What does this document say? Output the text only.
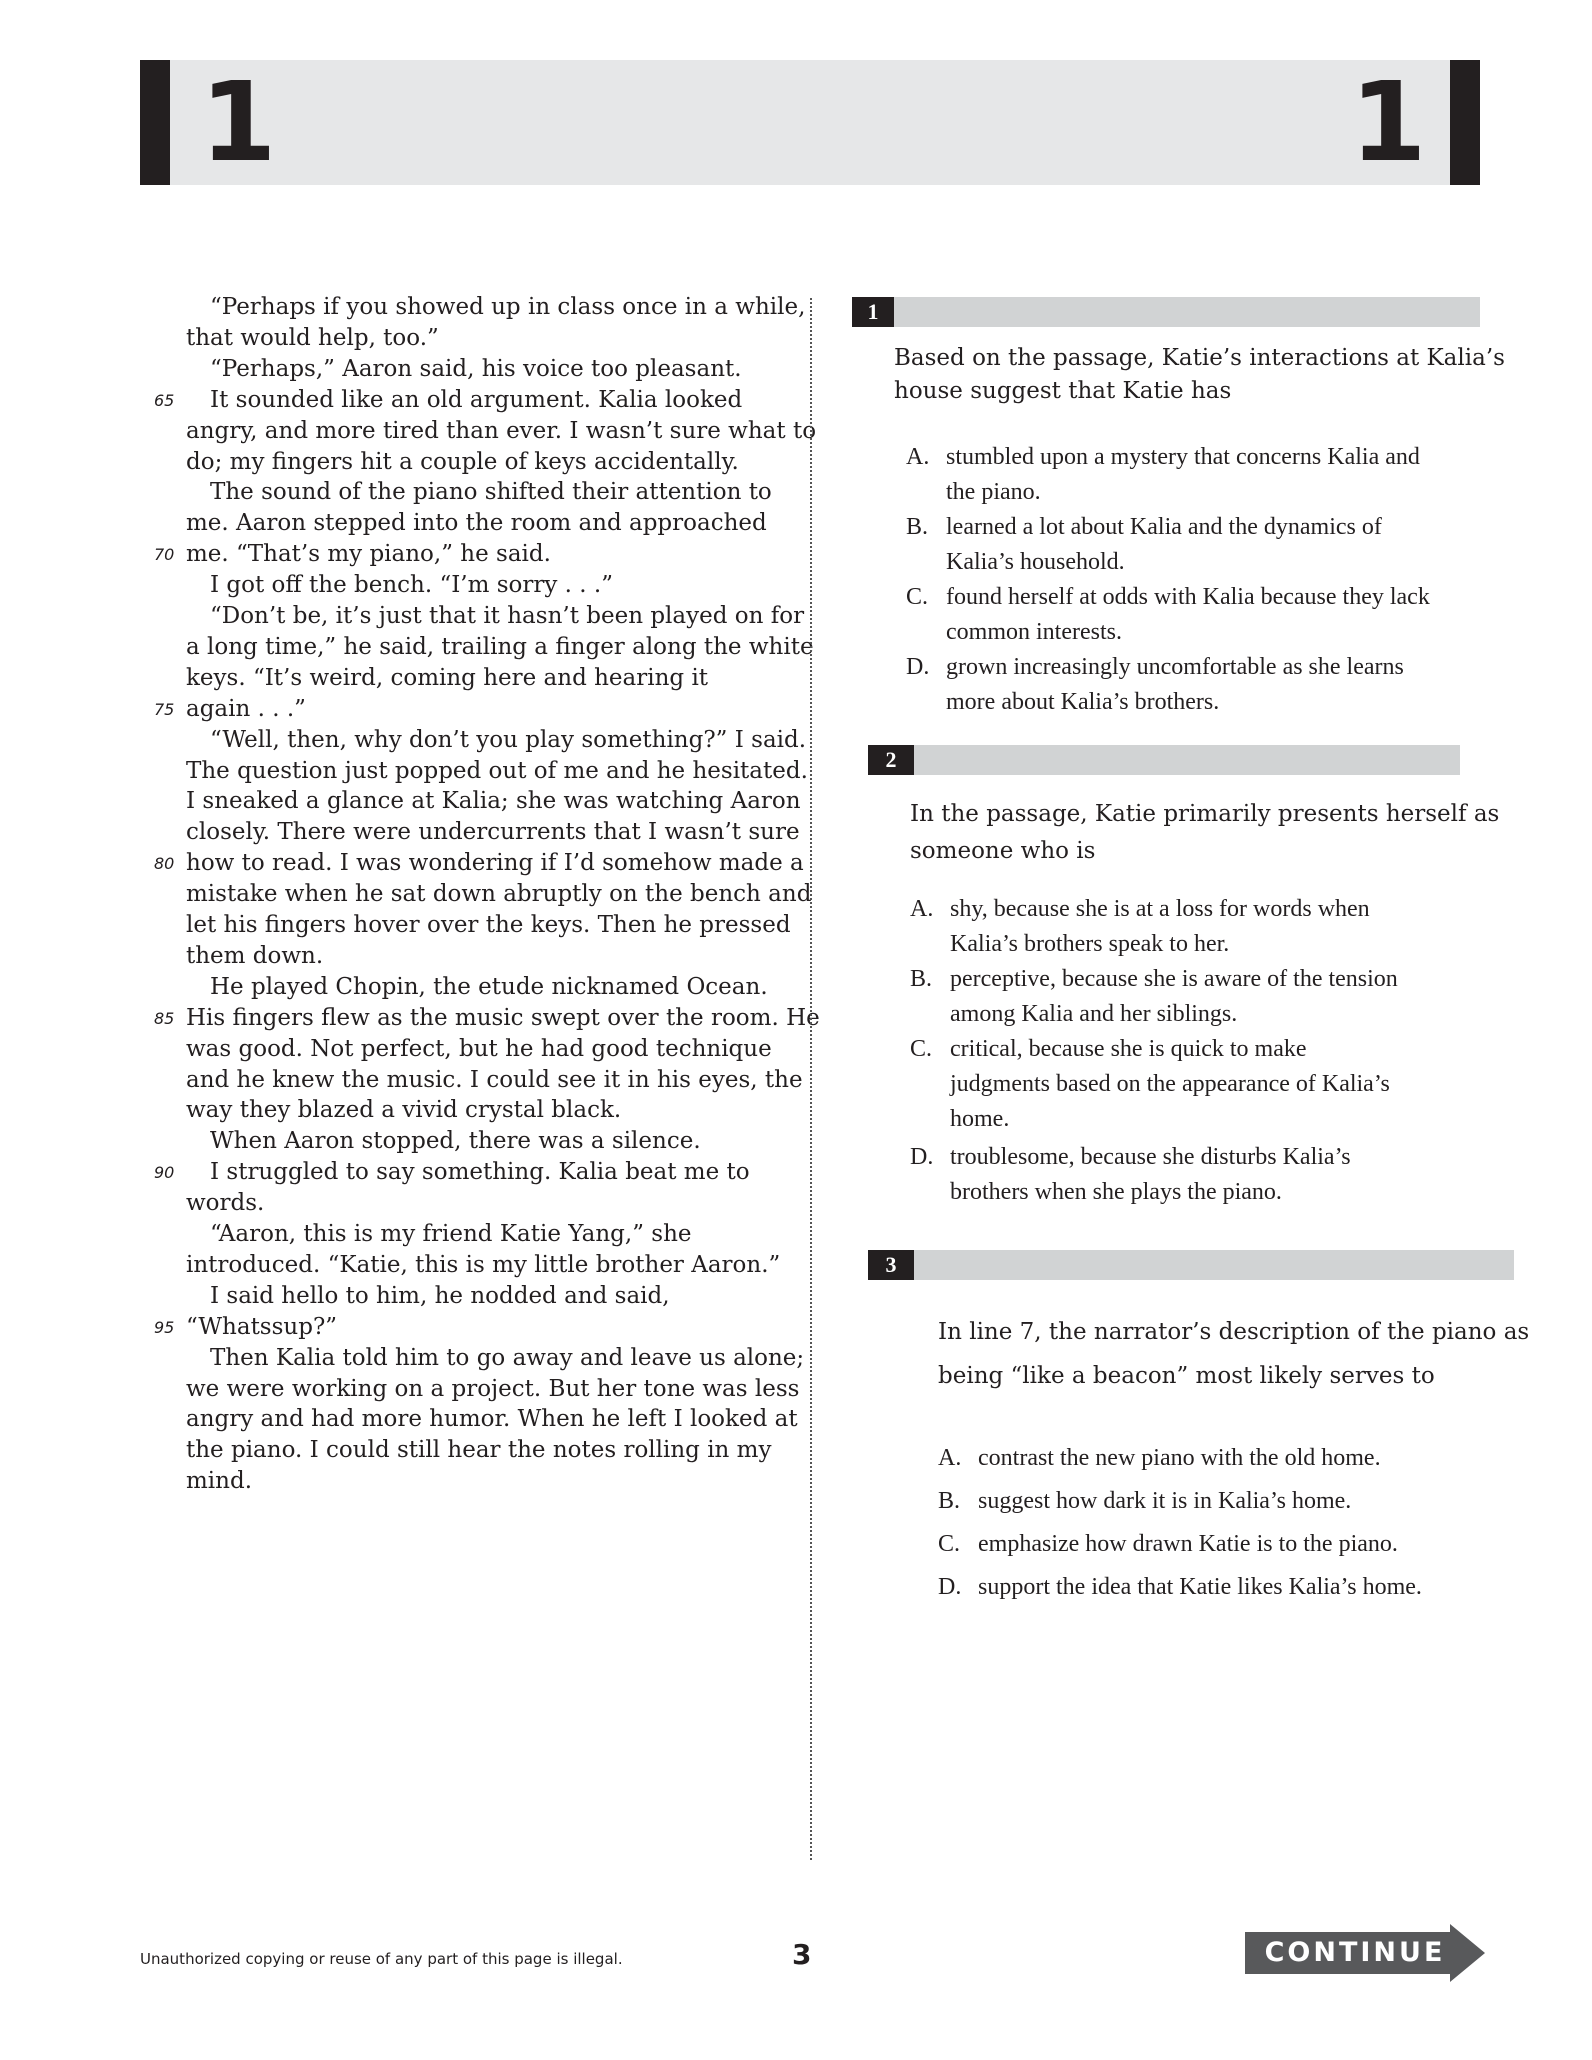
1	1
“Perhaps if you showed up in class once in a while,
that would help, too.”
“Perhaps,” Aaron said, his voice too pleasant.
It sounded like an old argument. Kalia looked
65
angry, and more tired than ever. I wasn’t sure what to
do; my fingers hit a couple of keys accidentally.
The sound of the piano shifted their attention to
me. Aaron stepped into the room and approached
me. “That’s my piano,” he said.
70
I got off the bench. “I’m sorry . . .”
“Don’t be, it’s just that it hasn’t been played on for
a long time,” he said, trailing a finger along the white
keys. “It’s weird, coming here and hearing it
again . . .”
75
“Well, then, why don’t you play something?” I said.
The question just popped out of me and he hesitated.
I sneaked a glance at Kalia; she was watching Aaron
closely. There were undercurrents that I wasn’t sure
how to read. I was wondering if I’d somehow made a
80
mistake when he sat down abruptly on the bench and
let his fingers hover over the keys. Then he pressed
them down.
He played Chopin, the etude nicknamed Ocean.
His fingers flew as the music swept over the room. He
85
was good. Not perfect, but he had good technique
and he knew the music. I could see it in his eyes, the
way they blazed a vivid crystal black.
When Aaron stopped, there was a silence.
I struggled to say something. Kalia beat me to
90
words.
“Aaron, this is my friend Katie Yang,” she
introduced. “Katie, this is my little brother Aaron.”
I said hello to him, he nodded and said,
“Whatssup?”
95
Then Kalia told him to go away and leave us alone;
we were working on a project. But her tone was less
angry and had more humor. When he left I looked at
the piano. I could still hear the notes rolling in my
mind.
1
Based on the passage, Katie’s interactions at Kalia’s
house suggest that Katie has
A. stumbled upon a mystery that concerns Kalia and
the piano.
B. learned a lot about Kalia and the dynamics of
Kalia’s household.
C. found herself at odds with Kalia because they lack
common interests.
D. grown increasingly uncomfortable as she learns
more about Kalia’s brothers.
2
In the passage, Katie primarily presents herself as
someone who is
A. shy, because she is at a loss for words when
Kalia’s brothers speak to her.
B. perceptive, because she is aware of the tension
among Kalia and her siblings.
C. critical, because she is quick to make
judgments based on the appearance of Kalia’s
home.
D. troublesome, because she disturbs Kalia’s
brothers when she plays the piano.
3
In line 7, the narrator’s description of the piano as
being “like a beacon” most likely serves to
A. contrast the new piano with the old home.
B. suggest how dark it is in Kalia’s home.
C. emphasize how drawn Katie is to the piano.
D. support the idea that Katie likes Kalia’s home.
Unauthorized copying or reuse of any part of this page is illegal.	3	CONTINUE
